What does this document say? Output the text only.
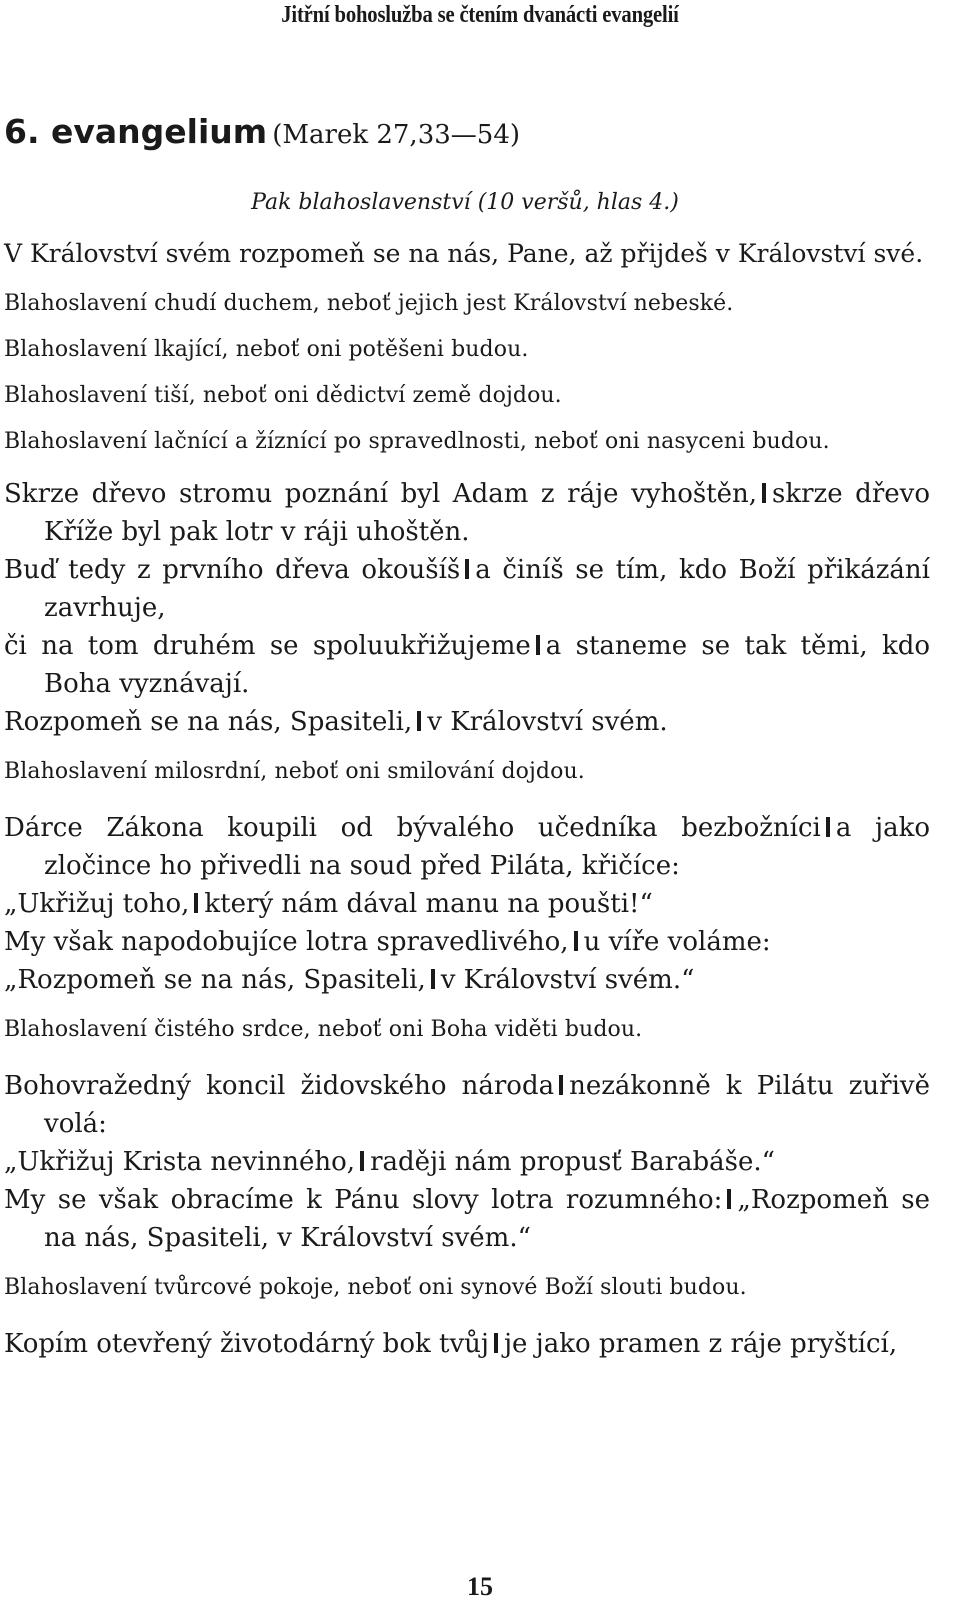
Jitřní bohoslužba se čtením dvanácti evangelií
6. evangelium (Marek 27,33—54)
Pak blahoslavenství (10 veršů, hlas 4.)

V Království svém rozpomeň se na nás, Pane, až přijdeš v Království své.

Blahoslavení chudí duchem, neboť jejich jest Království nebeské.

Blahoslavení lkající, neboť oni potěšeni budou.

Blahoslavení tiší, neboť oni dědictví země dojdou.

Blahoslavení lačnící a žíznící po spravedlnosti, neboť oni nasyceni budou.

Skrze dřevo stromu poznání byl Adam z ráje vyhoštěn, skrze dřevo Kříže byl pak lotr v ráji uhoštěn.

Buď tedy z prvního dřeva okoušíš a činíš se tím, kdo Boží přikázání zavrhuje,

či na tom druhém se spoluukřižujeme a staneme se tak těmi, kdo Boha vyznávají.

Rozpomeň se na nás, Spasiteli, v Království svém.

Blahoslavení milosrdní, neboť oni smilování dojdou.

Dárce Zákona koupili od bývalého učedníka bezbožníci a jako zločince ho přivedli na soud před Piláta, křičíce:

„Ukřižuj toho, který nám dával manu na poušti!“

My však napodobujíce lotra spravedlivého, u víře voláme:

„Rozpomeň se na nás, Spasiteli, v Království svém.“

Blahoslavení čistého srdce, neboť oni Boha viděti budou.

Bohovražedný koncil židovského národa nezákonně k Pilátu zuřivě volá:

„Ukřižuj Krista nevinného, raději nám propusť Barabáše.“

My se však obracíme k Pánu slovy lotra rozumného: „Rozpomeň se na nás, Spasiteli, v Království svém.“

Blahoslavení tvůrcové pokoje, neboť oni synové Boží slouti budou.

Kopím otevřený životodárný bok tvůj je jako pramen z ráje pryštící,

15
